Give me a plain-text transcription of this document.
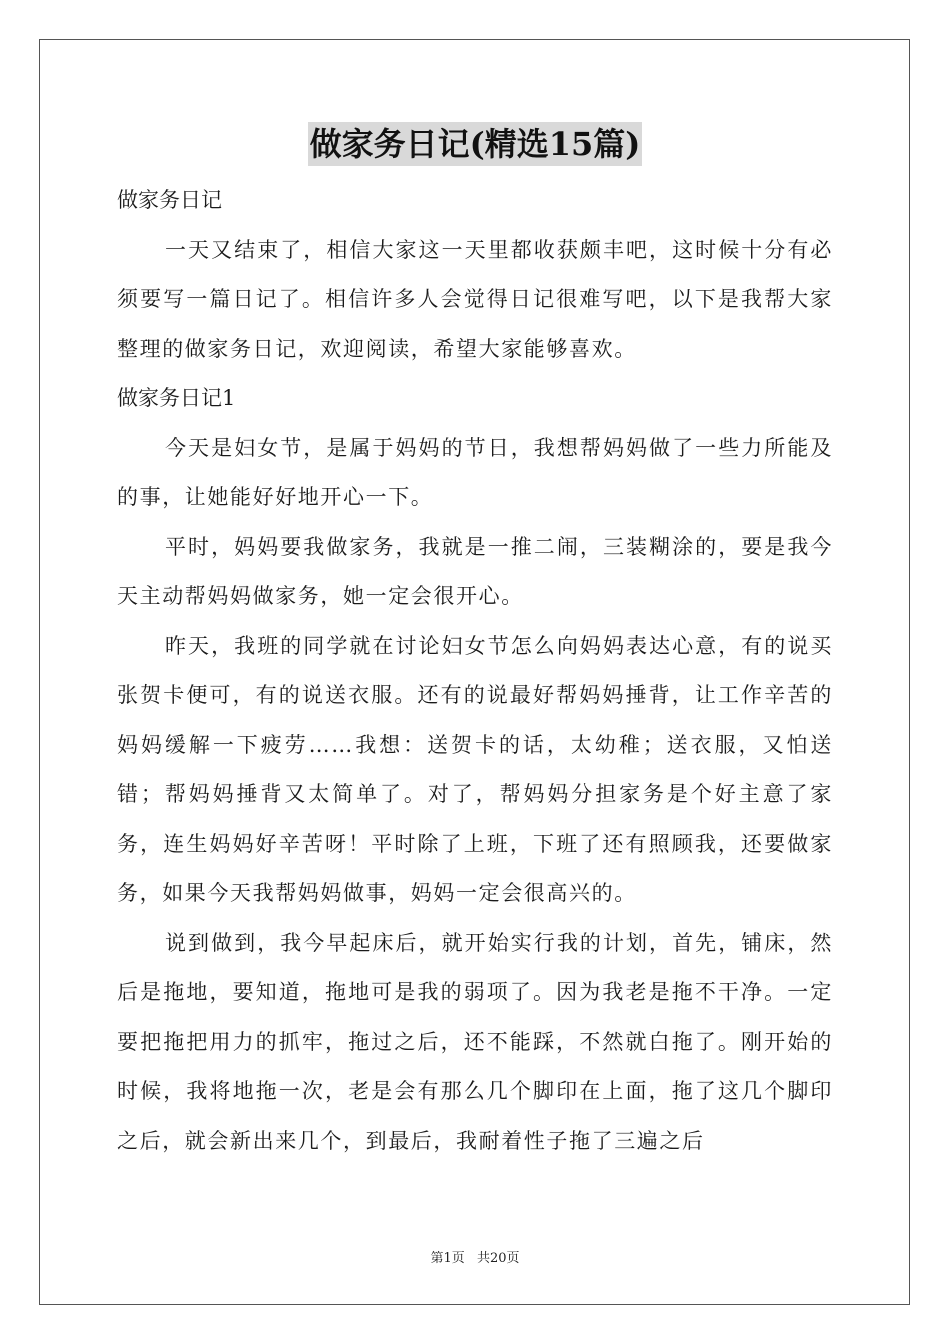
做家务日记(精选15篇)

做家务日记

一天又结束了，相信大家这一天里都收获颇丰吧，这时候十分有必须要写一篇日记了。相信许多人会觉得日记很难写吧，以下是我帮大家整理的做家务日记，欢迎阅读，希望大家能够喜欢。

做家务日记1

今天是妇女节，是属于妈妈的节日，我想帮妈妈做了一些力所能及的事，让她能好好地开心一下。

平时，妈妈要我做家务，我就是一推二闹，三装糊涂的，要是我今天主动帮妈妈做家务，她一定会很开心。

昨天，我班的同学就在讨论妇女节怎么向妈妈表达心意，有的说买张贺卡便可，有的说送衣服。还有的说最好帮妈妈捶背，让工作辛苦的妈妈缓解一下疲劳……我想：送贺卡的话，太幼稚；送衣服，又怕送错；帮妈妈捶背又太简单了。对了，帮妈妈分担家务是个好主意了家务，连生妈妈好辛苦呀！平时除了上班，下班了还有照顾我，还要做家务，如果今天我帮妈妈做事，妈妈一定会很高兴的。

说到做到，我今早起床后，就开始实行我的计划，首先，铺床，然后是拖地，要知道，拖地可是我的弱项了。因为我老是拖不干净。一定要把拖把用力的抓牢，拖过之后，还不能踩，不然就白拖了。刚开始的时候，我将地拖一次，老是会有那么几个脚印在上面，拖了这几个脚印之后，就会新出来几个，到最后，我耐着性子拖了三遍之后

第1页 共20页
